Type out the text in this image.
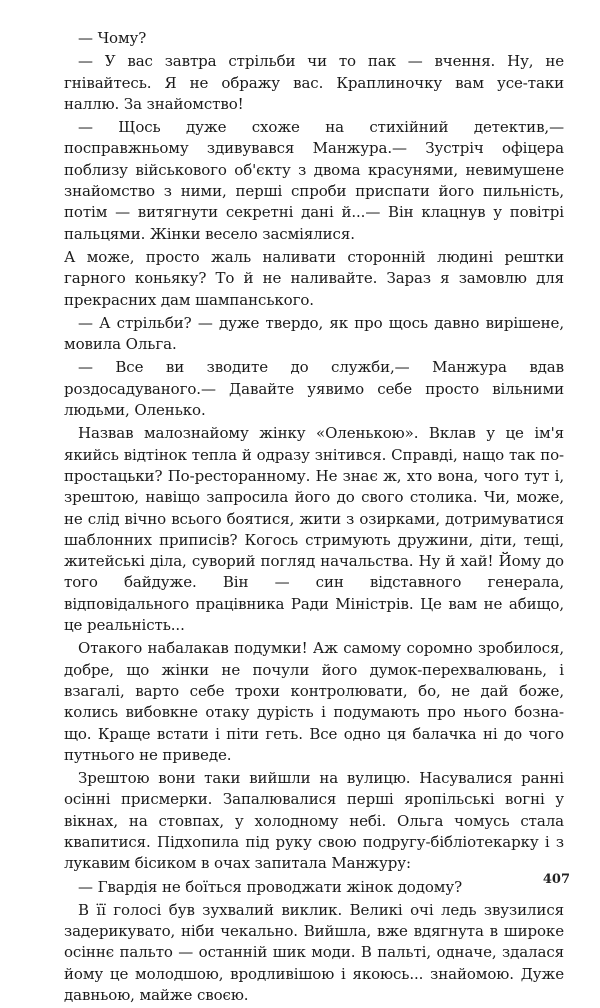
— Чому?

— У вас завтра стрільби чи то пак — вчення. Ну, не гнівайтесь. Я не ображу вас. Краплиночку вам усе-таки наллю. За знайомство!

— Щось дуже схоже на стихійний детектив,— посправжньому здивувався Манжура.— Зустріч офіцера поблизу військового об'єкту з двома красунями, невимушене знайомство з ними, перші спроби приспати його пильність, потім — витягнути секретні дані й...— Він клацнув у повітрі пальцями. Жінки весело засміялися.

А може, просто жаль наливати сторонній людині рештки гарного коньяку? То й не наливайте. Зараз я замовлю для прекрасних дам шампанського.

— А стрільби? — дуже твердо, як про щось давно вирішене, мовила Ольга.

— Все ви зводите до служби,— Манжура вдав роздосадуваного.— Давайте уявимо себе просто вільними людьми, Оленько.

Назвав малознайому жінку «Оленькою». Вклав у це ім'я якийсь відтінок тепла й одразу знітився. Справді, нащо так по-простацьки? По-ресторанному. Не знає ж, хто вона, чого тут і, зрештою, навіщо запросила його до свого столика. Чи, може, не слід вічно всього боятися, жити з озирками, дотримуватися шаблонних приписів? Когось стримують дружини, діти, тещі, житейські діла, суворий погляд начальства. Ну й хай! Йому до того байдуже. Він — син відставного генерала, відповідального працівника Ради Міністрів. Це вам не абищо, це реальність...

Отакого набалакав подумки! Аж самому соромно зробилося, добре, що жінки не почули його думок-перехвалювань, і взагалі, варто себе трохи контролювати, бо, не дай боже, колись вибовкне отаку дурість і подумають про нього бозна-що. Краще встати і піти геть. Все одно ця балачка ні до чого путнього не приведе.

Зрештою вони таки вийшли на вулицю. Насувалися ранні осінні присмерки. Запалювалися перші яропільські вогні у вікнах, на стовпах, у холодному небі. Ольга чомусь стала квапитися. Підхопила під руку свою подругу-бібліотекарку і з лукавим бісиком в очах запитала Манжуру:

— Гвардія не боїться проводжати жінок додому?

В її голосі був зухвалий виклик. Великі очі ледь звузилися задерикувато, ніби чекально. Вийшла, вже вдягнута в широке осіннє пальто — останній шик моди. В пальті, одначе, здалася йому це молодшою, вродливішою і якоюсь... знайомою. Дуже давньою, майже своєю.

407
